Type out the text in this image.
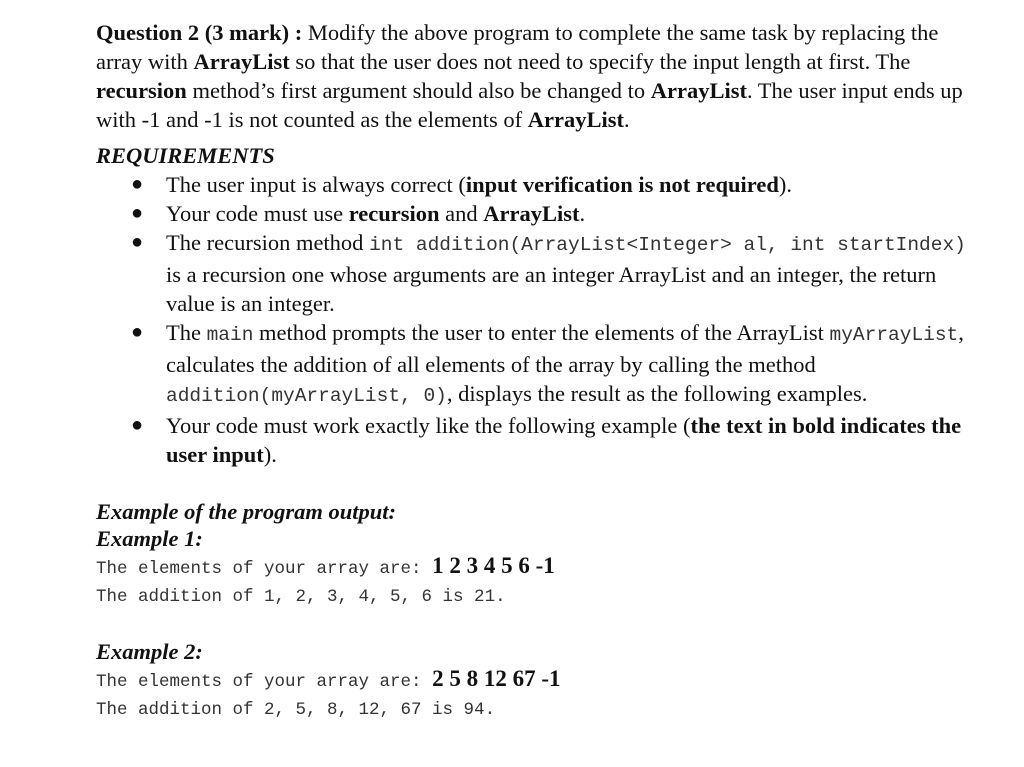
Question 2 (3 mark) : Modify the above program to complete the same task by replacing the array with ArrayList so that the user does not need to specify the input length at first. The recursion method’s first argument should also be changed to ArrayList. The user input ends up with -1 and -1 is not counted as the elements of ArrayList.

REQUIREMENTS
● The user input is always correct (input verification is not required).
● Your code must use recursion and ArrayList.
● The recursion method int addition(ArrayList<Integer> al, int startIndex) is a recursion one whose arguments are an integer ArrayList and an integer, the return value is an integer.
● The main method prompts the user to enter the elements of the ArrayList myArrayList, calculates the addition of all elements of the array by calling the method addition(myArrayList, 0), displays the result as the following examples.
● Your code must work exactly like the following example (the text in bold indicates the user input).
Example of the program output:
Example 1:
The elements of your array are: 1 2 3 4 5 6 -1
The addition of 1, 2, 3, 4, 5, 6 is 21.
Example 2:
The elements of your array are: 2 5 8 12 67 -1
The addition of 2, 5, 8, 12, 67 is 94.
